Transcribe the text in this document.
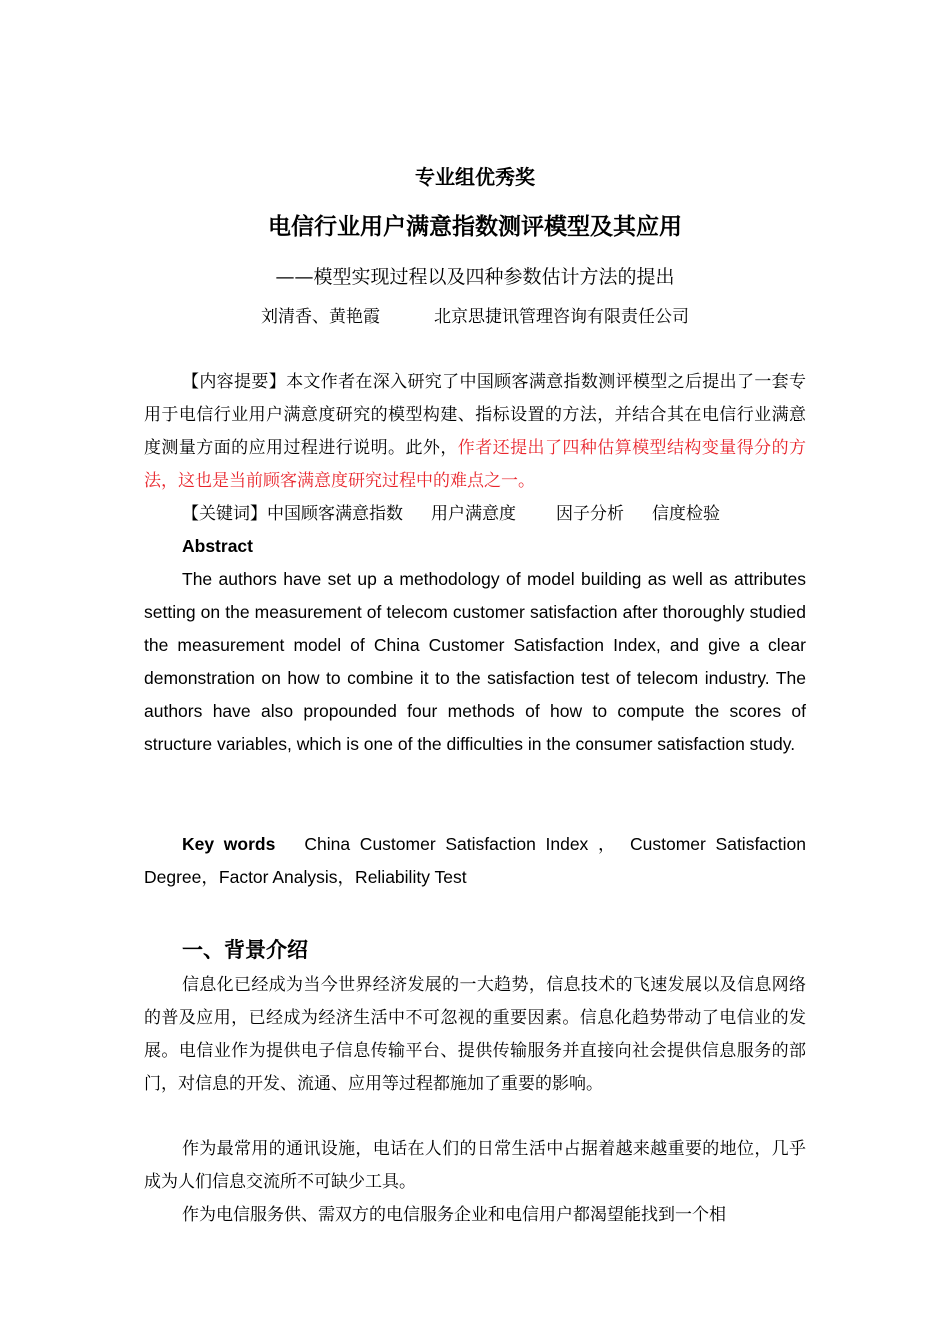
专业组优秀奖
电信行业用户满意指数测评模型及其应用
——模型实现过程以及四种参数估计方法的提出
刘清香、黄艳霞	北京思捷讯管理咨询有限责任公司
【内容提要】本文作者在深入研究了中国顾客满意指数测评模型之后提出了一套专用于电信行业用户满意度研究的模型构建、指标设置的方法，并结合其在电信行业满意度测量方面的应用过程进行说明。此外，作者还提出了四种估算模型结构变量得分的方法，这也是当前顾客满意度研究过程中的难点之一。
【关键词】中国顾客满意指数 用户满意度 因子分析 信度检验
Abstract
The authors have set up a methodology of model building as well as attributes setting on the measurement of telecom customer satisfaction after thoroughly studied the measurement model of China Customer Satisfaction Index, and give a clear demonstration on how to combine it to the satisfaction test of telecom industry. The authors have also propounded four methods of how to compute the scores of structure variables, which is one of the difficulties in the consumer satisfaction study.
Key words China Customer Satisfaction Index ， Customer Satisfaction Degree，Factor Analysis，Reliability Test
一、背景介绍
信息化已经成为当今世界经济发展的一大趋势，信息技术的飞速发展以及信息网络的普及应用，已经成为经济生活中不可忽视的重要因素。信息化趋势带动了电信业的发展。电信业作为提供电子信息传输平台、提供传输服务并直接向社会提供信息服务的部门，对信息的开发、流通、应用等过程都施加了重要的影响。
作为最常用的通讯设施，电话在人们的日常生活中占据着越来越重要的地位，几乎成为人们信息交流所不可缺少工具。
作为电信服务供、需双方的电信服务企业和电信用户都渴望能找到一个相
